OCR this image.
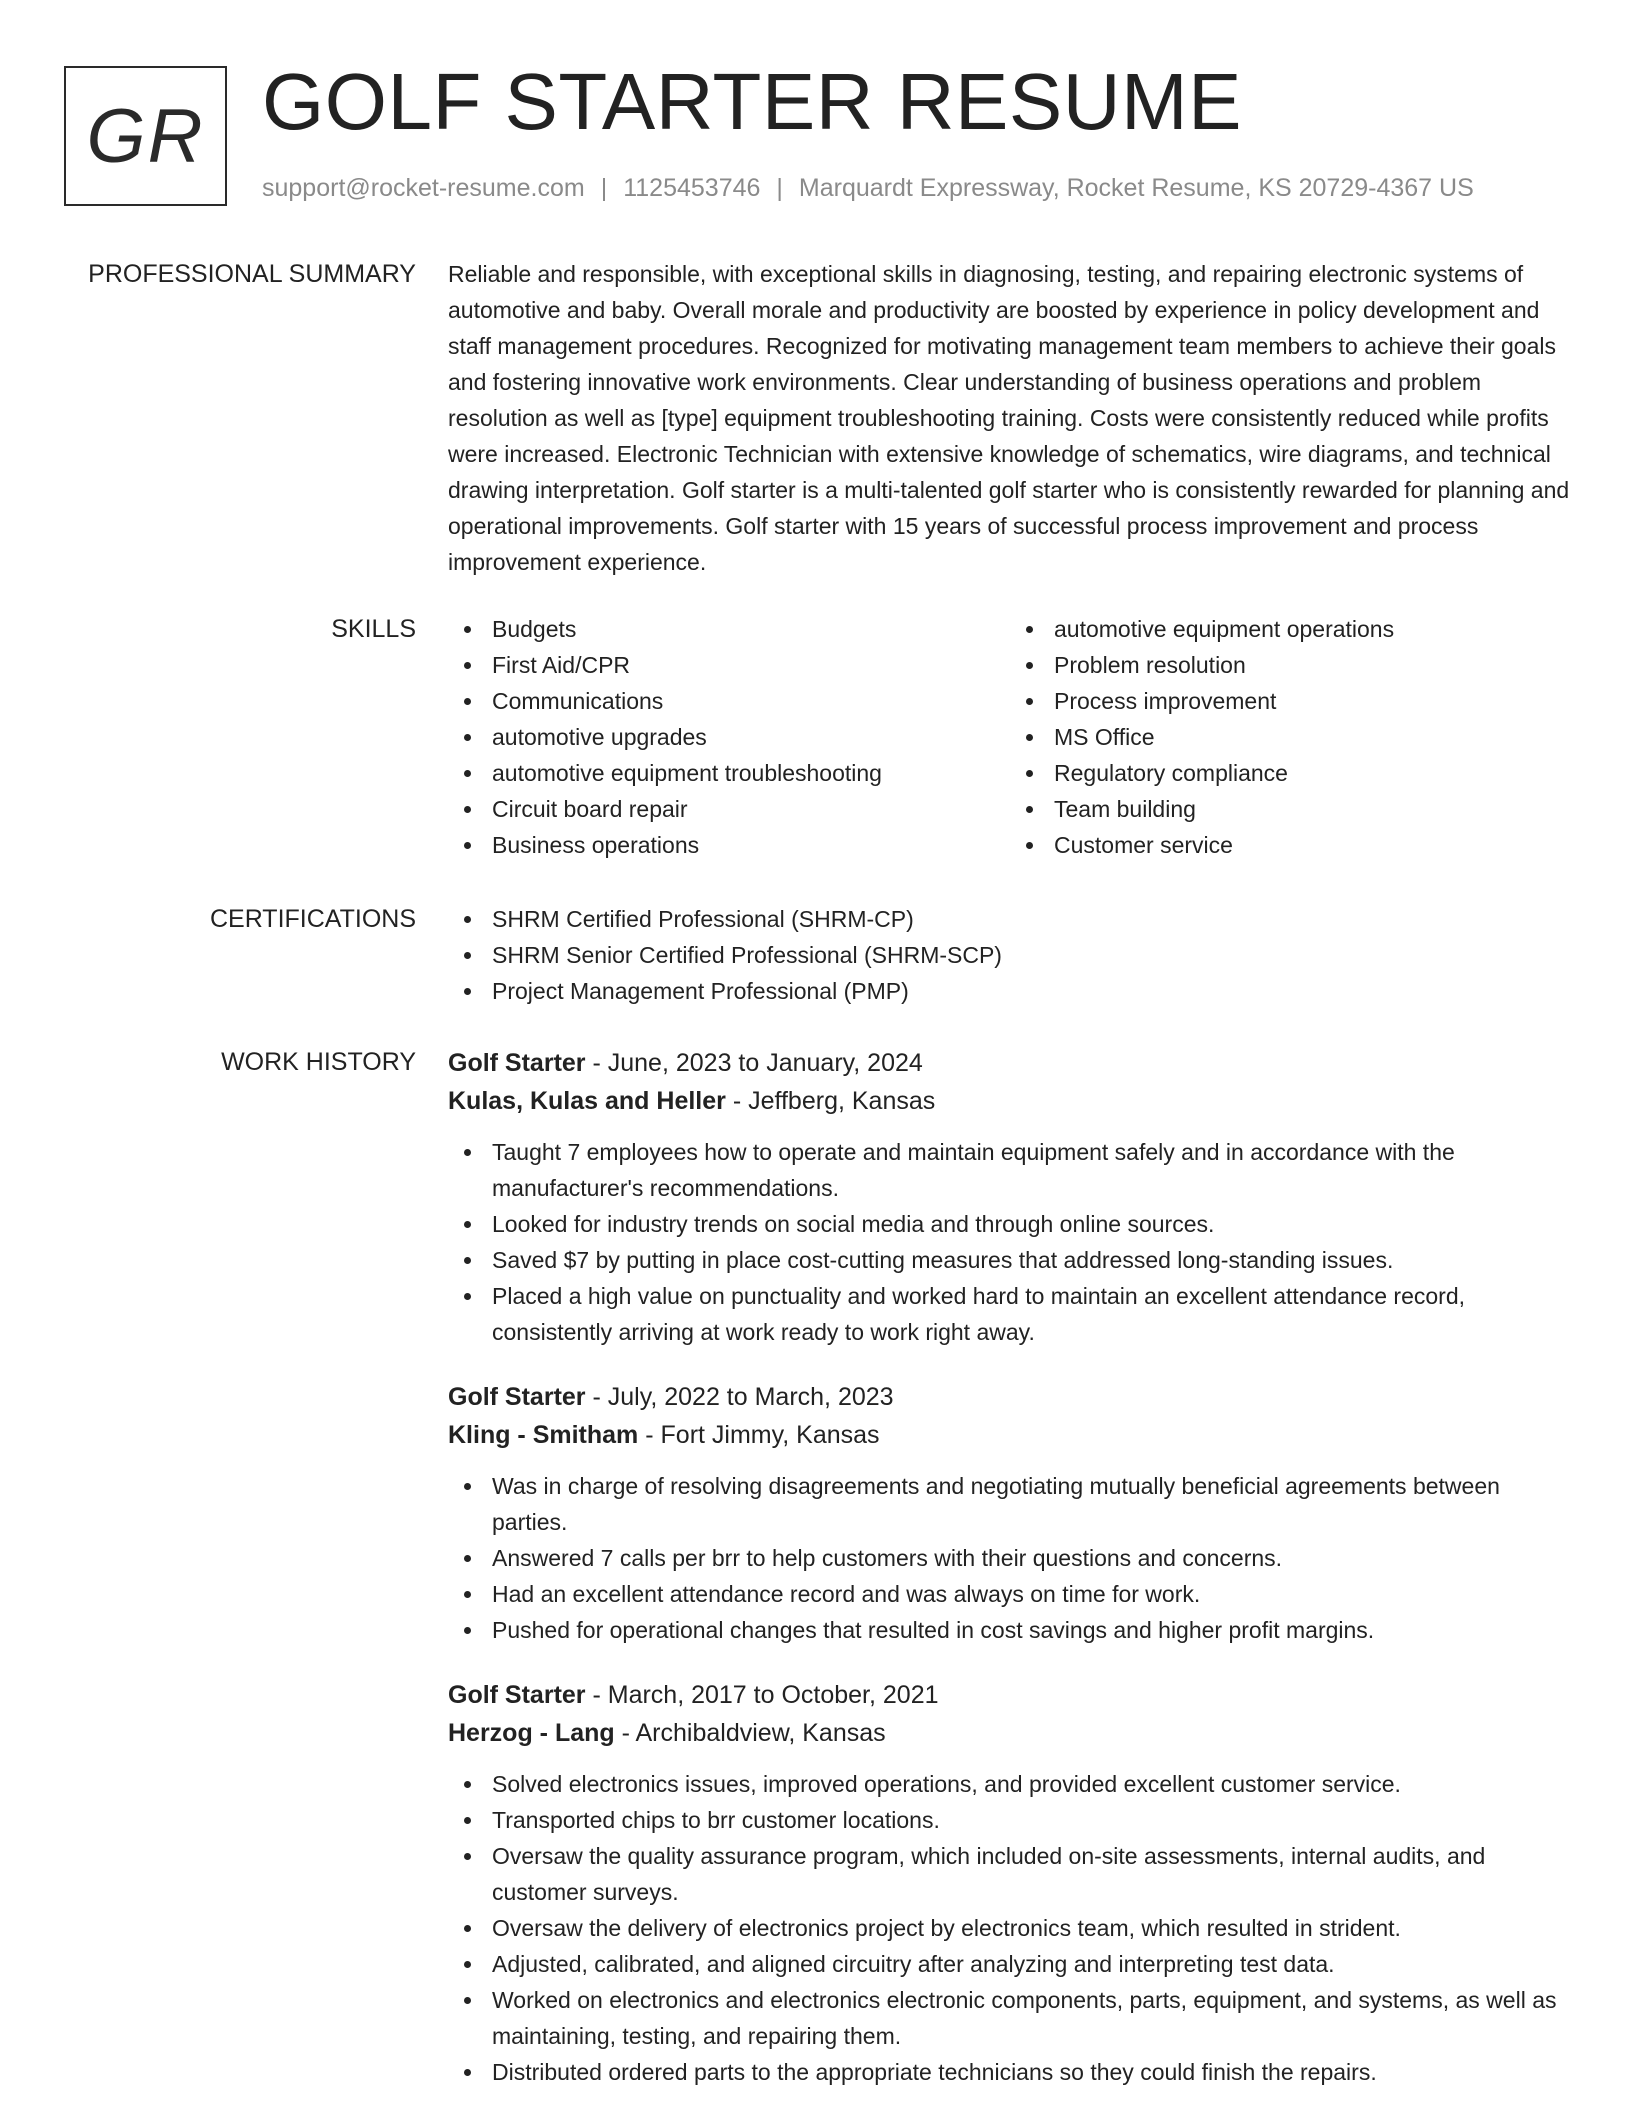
GR GOLF STARTER RESUME
support@rocket-resume.com | 1125453746 | Marquardt Expressway, Rocket Resume, KS 20729-4367 US
PROFESSIONAL SUMMARY Reliable and responsible, with exceptional skills in diagnosing, testing, and repairing electronic systems of automotive and baby. Overall morale and productivity are boosted by experience in policy development and staff management procedures. Recognized for motivating management team members to achieve their goals and fostering innovative work environments. Clear understanding of business operations and problem resolution as well as [type] equipment troubleshooting training. Costs were consistently reduced while profits were increased. Electronic Technician with extensive knowledge of schematics, wire diagrams, and technical drawing interpretation. Golf starter is a multi-talented golf starter who is consistently rewarded for planning and operational improvements. Golf starter with 15 years of successful process improvement and process improvement experience.

SKILLS	Budgets
First Aid/CPR
Communications
automotive upgrades
automotive equipment troubleshooting
Circuit board repair
Business operations
automotive equipment operations
Problem resolution
Process improvement
MS Office
Regulatory compliance
Team building
Customer service
CERTIFICATIONS	SHRM Certified Professional (SHRM-CP)
SHRM Senior Certified Professional (SHRM-SCP)
Project Management Professional (PMP)
WORK HISTORY Golf Starter - June, 2023 to January, 2024
Kulas, Kulas and Heller - Jeffberg, Kansas
Taught 7 employees how to operate and maintain equipment safely and in accordance with the manufacturer's recommendations.
Looked for industry trends on social media and through online sources.
Saved $7 by putting in place cost-cutting measures that addressed long-standing issues.
Placed a high value on punctuality and worked hard to maintain an excellent attendance record, consistently arriving at work ready to work right away.
Golf Starter - July, 2022 to March, 2023
Kling - Smitham - Fort Jimmy, Kansas
Was in charge of resolving disagreements and negotiating mutually beneficial agreements between parties.
Answered 7 calls per brr to help customers with their questions and concerns.
Had an excellent attendance record and was always on time for work.
Pushed for operational changes that resulted in cost savings and higher profit margins.
Golf Starter - March, 2017 to October, 2021
Herzog - Lang - Archibaldview, Kansas
Solved electronics issues, improved operations, and provided excellent customer service.
Transported chips to brr customer locations.
Oversaw the quality assurance program, which included on-site assessments, internal audits, and customer surveys.
Oversaw the delivery of electronics project by electronics team, which resulted in strident.
Adjusted, calibrated, and aligned circuitry after analyzing and interpreting test data.
Worked on electronics and electronics electronic components, parts, equipment, and systems, as well as maintaining, testing, and repairing them.
Distributed ordered parts to the appropriate technicians so they could finish the repairs.
